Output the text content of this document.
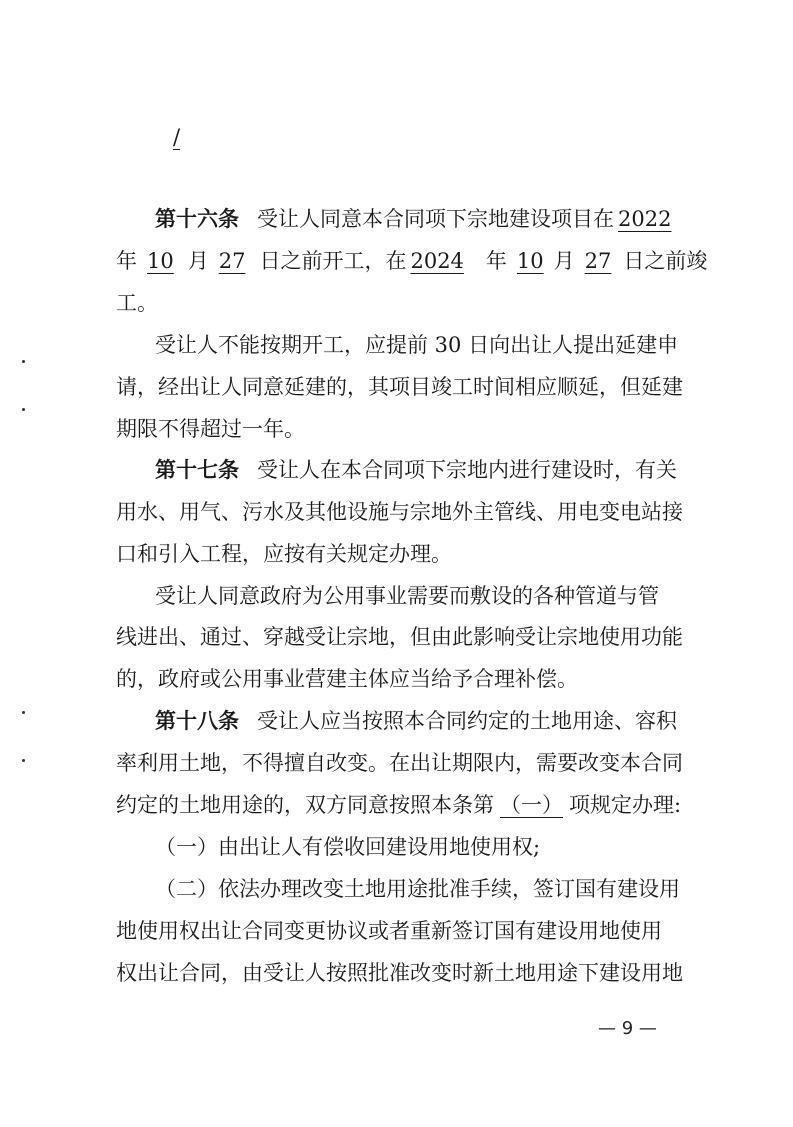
/
第十六条 受让人同意本合同项下宗地建设项目在 2022
年 10 月 27 日之前开工，在 2024 年 10 月 27 日之前竣
工。
受让人不能按期开工，应提前 30 日向出让人提出延建申
请，经出让人同意延建的，其项目竣工时间相应顺延，但延建
期限不得超过一年。
第十七条 受让人在本合同项下宗地内进行建设时，有关
用水、用气、污水及其他设施与宗地外主管线、用电变电站接
口和引入工程，应按有关规定办理。
受让人同意政府为公用事业需要而敷设的各种管道与管
线进出、通过、穿越受让宗地，但由此影响受让宗地使用功能
的，政府或公用事业营建主体应当给予合理补偿。
第十八条 受让人应当按照本合同约定的土地用途、容积
率利用土地，不得擅自改变。在出让期限内，需要改变本合同
约定的土地用途的，双方同意按照本条第 （一） 项规定办理:
（一）由出让人有偿收回建设用地使用权;
（二）依法办理改变土地用途批准手续，签订国有建设用
地使用权出让合同变更协议或者重新签订国有建设用地使用
权出让合同，由受让人按照批准改变时新土地用途下建设用地
— 9 —
